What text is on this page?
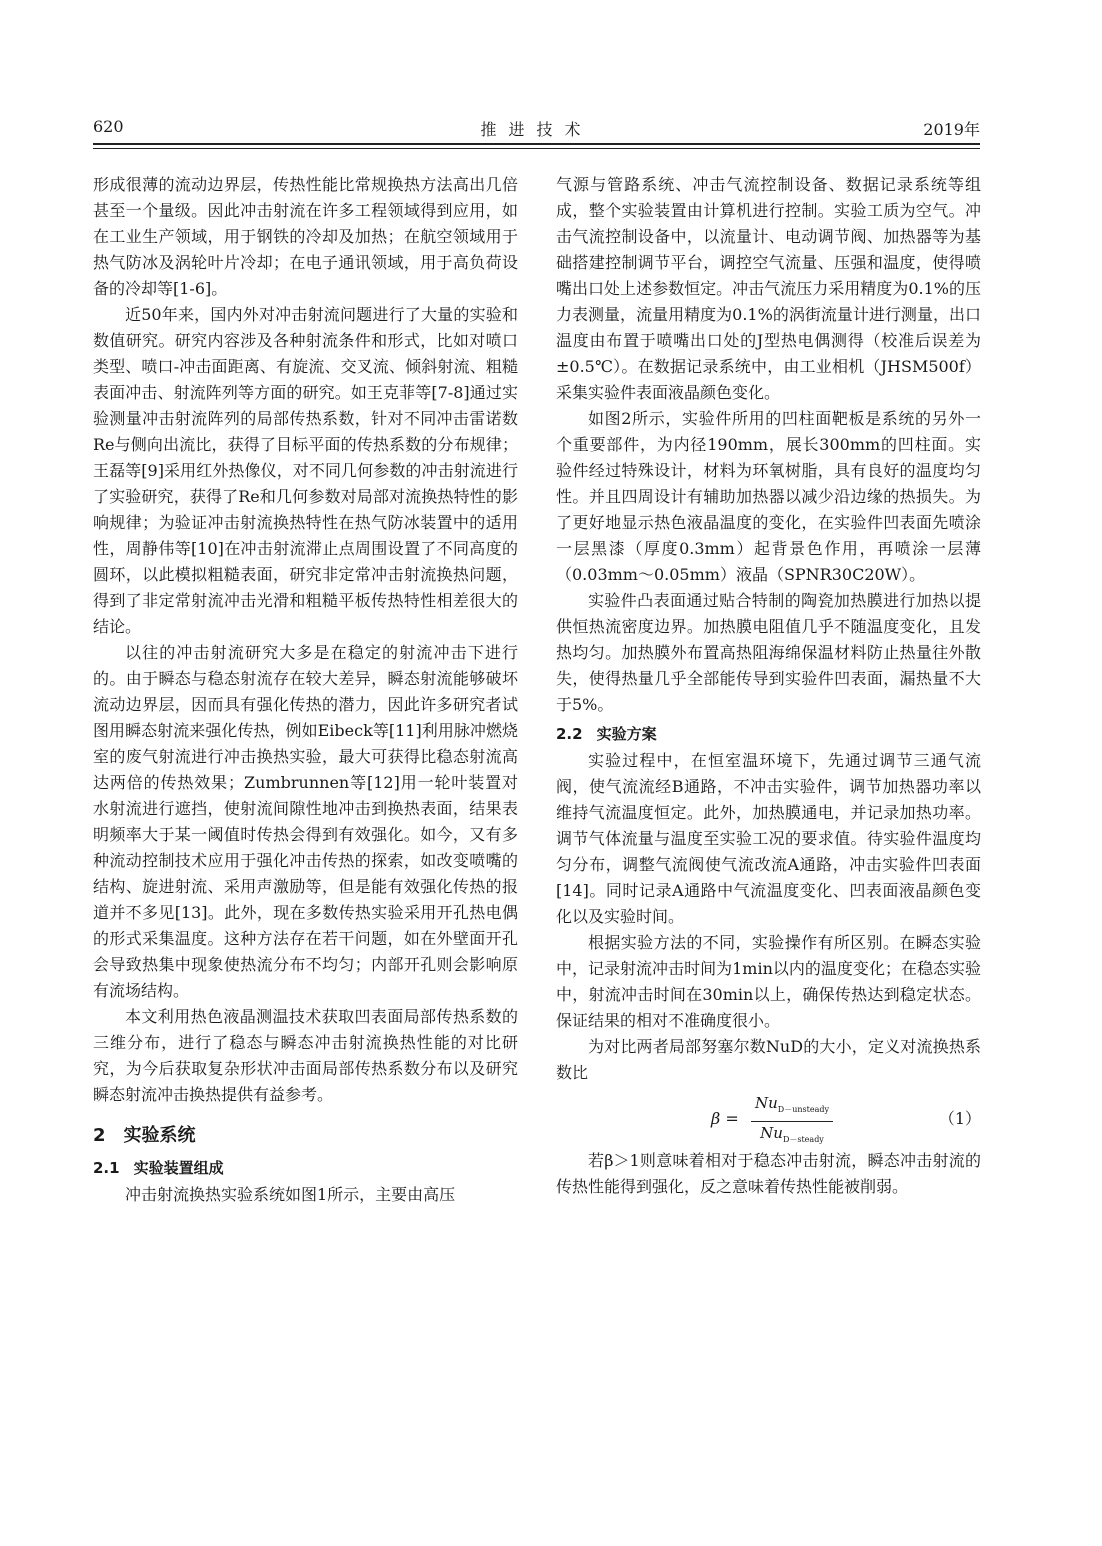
620	推进技术	2019年

形成很薄的流动边界层，传热性能比常规换热方法高出几倍甚至一个量级。因此冲击射流在许多工程领域得到应用，如在工业生产领域，用于钢铁的冷却及加热；在航空领域用于热气防冰及涡轮叶片冷却；在电子通讯领域，用于高负荷设备的冷却等[1-6]。

近50年来，国内外对冲击射流问题进行了大量的实验和数值研究。研究内容涉及各种射流条件和形式，比如对喷口类型、喷口-冲击面距离、有旋流、交叉流、倾斜射流、粗糙表面冲击、射流阵列等方面的研究。如王克菲等[7-8]通过实验测量冲击射流阵列的局部传热系数，针对不同冲击雷诺数Re与侧向出流比，获得了目标平面的传热系数的分布规律；王磊等[9]采用红外热像仪，对不同几何参数的冲击射流进行了实验研究，获得了Re和几何参数对局部对流换热特性的影响规律；为验证冲击射流换热特性在热气防冰装置中的适用性，周静伟等[10]在冲击射流滞止点周围设置了不同高度的圆环，以此模拟粗糙表面，研究非定常冲击射流换热问题，得到了非定常射流冲击光滑和粗糙平板传热特性相差很大的结论。

以往的冲击射流研究大多是在稳定的射流冲击下进行的。由于瞬态与稳态射流存在较大差异，瞬态射流能够破坏流动边界层，因而具有强化传热的潜力，因此许多研究者试图用瞬态射流来强化传热，例如Eibeck等[11]利用脉冲燃烧室的废气射流进行冲击换热实验，最大可获得比稳态射流高达两倍的传热效果；Zumbrunnen等[12]用一轮叶装置对水射流进行遮挡，使射流间隙性地冲击到换热表面，结果表明频率大于某一阈值时传热会得到有效强化。如今，又有多种流动控制技术应用于强化冲击传热的探索，如改变喷嘴的结构、旋进射流、采用声激励等，但是能有效强化传热的报道并不多见[13]。此外，现在多数传热实验采用开孔热电偶的形式采集温度。这种方法存在若干问题，如在外壁面开孔会导致热集中现象使热流分布不均匀；内部开孔则会影响原有流场结构。

本文利用热色液晶测温技术获取凹表面局部传热系数的三维分布，进行了稳态与瞬态冲击射流换热性能的对比研究，为今后获取复杂形状冲击面局部传热系数分布以及研究瞬态射流冲击换热提供有益参考。

2 实验系统
2.1 实验装置组成

冲击射流换热实验系统如图1所示，主要由高压

气源与管路系统、冲击气流控制设备、数据记录系统等组成，整个实验装置由计算机进行控制。实验工质为空气。冲击气流控制设备中，以流量计、电动调节阀、加热器等为基础搭建控制调节平台，调控空气流量、压强和温度，使得喷嘴出口处上述参数恒定。冲击气流压力采用精度为0.1%的压力表测量，流量用精度为0.1%的涡街流量计进行测量，出口温度由布置于喷嘴出口处的J型热电偶测得（校准后误差为±0.5℃）。在数据记录系统中，由工业相机（JHSM500f）采集实验件表面液晶颜色变化。

如图2所示，实验件所用的凹柱面靶板是系统的另外一个重要部件，为内径190mm，展长300mm的凹柱面。实验件经过特殊设计，材料为环氧树脂，具有良好的温度均匀性。并且四周设计有辅助加热器以减少沿边缘的热损失。为了更好地显示热色液晶温度的变化，在实验件凹表面先喷涂一层黑漆（厚度0.3mm）起背景色作用，再喷涂一层薄（0.03mm～0.05mm）液晶（SPNR30C20W）。

实验件凸表面通过贴合特制的陶瓷加热膜进行加热以提供恒热流密度边界。加热膜电阻值几乎不随温度变化，且发热均匀。加热膜外布置高热阻海绵保温材料防止热量往外散失，使得热量几乎全部能传导到实验件凹表面，漏热量不大于5%。

2.2 实验方案

实验过程中，在恒室温环境下，先通过调节三通气流阀，使气流流经B通路，不冲击实验件，调节加热器功率以维持气流温度恒定。此外，加热膜通电，并记录加热功率。调节气体流量与温度至实验工况的要求值。待实验件温度均匀分布，调整气流阀使气流改流A通路，冲击实验件凹表面[14]。同时记录A通路中气流温度变化、凹表面液晶颜色变化以及实验时间。

根据实验方法的不同，实验操作有所区别。在瞬态实验中，记录射流冲击时间为1min以内的温度变化；在稳态实验中，射流冲击时间在30min以上，确保传热达到稳定状态。保证结果的相对不准确度很小。

为对比两者局部努塞尔数NuD的大小，定义对流换热系数比

β =
$Nu_{D-unsteady}$
$Nu_{D-steady}$
（1）

若β＞1则意味着相对于稳态冲击射流，瞬态冲击射流的传热性能得到强化，反之意味着传热性能被削弱。
